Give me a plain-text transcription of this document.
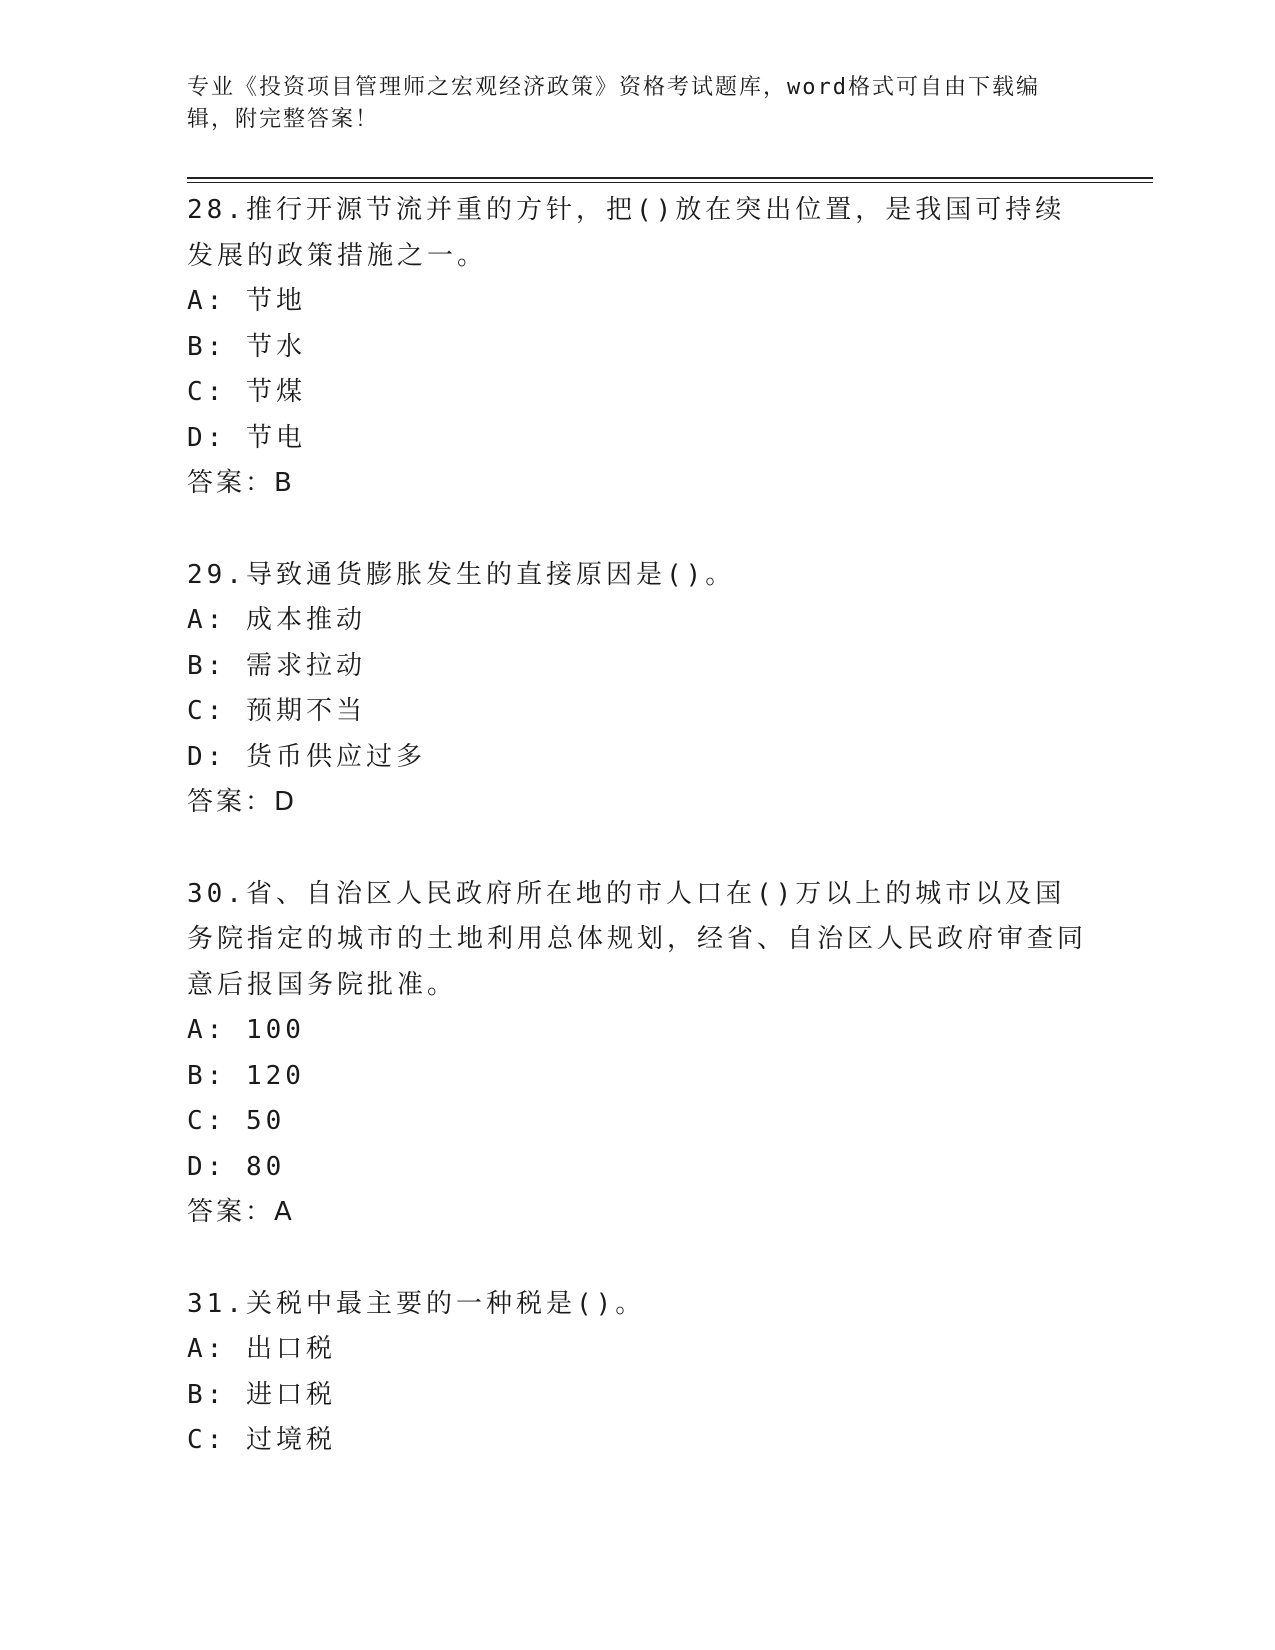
专业《投资项目管理师之宏观经济政策》资格考试题库，word格式可自由下载编辑，附完整答案！
28.推行开源节流并重的方针，把()放在突出位置，是我国可持续发展的政策措施之一。
A: 节地
B: 节水
C: 节煤
D: 节电
答案：B
29.导致通货膨胀发生的直接原因是()。
A: 成本推动
B: 需求拉动
C: 预期不当
D: 货币供应过多
答案：D
30.省、自治区人民政府所在地的市人口在()万以上的城市以及国务院指定的城市的土地利用总体规划，经省、自治区人民政府审查同意后报国务院批准。
A: 100
B: 120
C: 50
D: 80
答案：A
31.关税中最主要的一种税是()。
A: 出口税
B: 进口税
C: 过境税
